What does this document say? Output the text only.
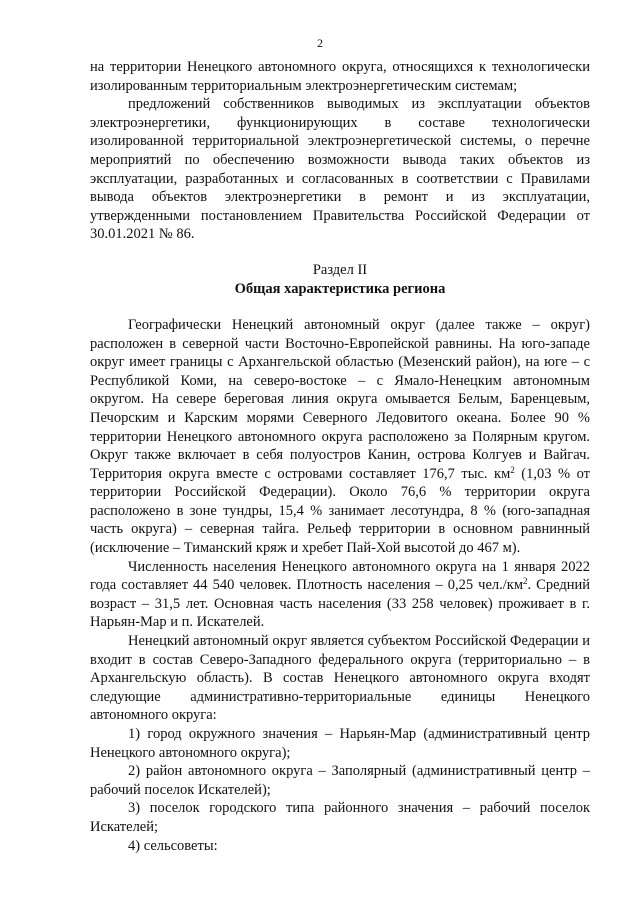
2

на территории Ненецкого автономного округа, относящихся к технологически изолированным территориальным электроэнергетическим системам;

предложений собственников выводимых из эксплуатации объектов электроэнергетики, функционирующих в составе технологически изолированной территориальной электроэнергетической системы, о перечне мероприятий по обеспечению возможности вывода таких объектов из эксплуатации, разработанных и согласованных в соответствии с Правилами вывода объектов электроэнергетики в ремонт и из эксплуатации, утвержденными постановлением Правительства Российской Федерации от 30.01.2021 № 86.

Раздел II
Общая характеристика региона

Географически Ненецкий автономный округ (далее также – округ) расположен в северной части Восточно-Европейской равнины. На юго-западе округ имеет границы с Архангельской областью (Мезенский район), на юге – с Республикой Коми, на северо-востоке – с Ямало-Ненецким автономным округом. На севере береговая линия округа омывается Белым, Баренцевым, Печорским и Карским морями Северного Ледовитого океана. Более 90 % территории Ненецкого автономного округа расположено за Полярным кругом. Округ также включает в себя полуостров Канин, острова Колгуев и Вайгач. Территория округа вместе с островами составляет 176,7 тыс. $км^2$ (1,03 % от территории Российской Федерации). Около 76,6 % территории округа расположено в зоне тундры, 15,4 % занимает лесотундра, 8 % (юго-западная часть округа) – северная тайга. Рельеф территории в основном равнинный (исключение – Тиманский кряж и хребет Пай-Хой высотой до 467 м).

Численность населения Ненецкого автономного округа на 1 января 2022 года составляет 44 540 человек. Плотность населения – 0,25 $чел./км^2$. Средний возраст – 31,5 лет. Основная часть населения (33 258 человек) проживает в г. Нарьян-Мар и п. Искателей.

Ненецкий автономный округ является субъектом Российской Федерации и входит в состав Северо-Западного федерального округа (территориально – в Архангельскую область). В состав Ненецкого автономного округа входят следующие административно-территориальные единицы Ненецкого автономного округа:

1) город окружного значения – Нарьян-Мар (административный центр Ненецкого автономного округа);

2) район автономного округа – Заполярный (административный центр – рабочий поселок Искателей);

3) поселок городского типа районного значения – рабочий поселок Искателей;

4) сельсоветы:
